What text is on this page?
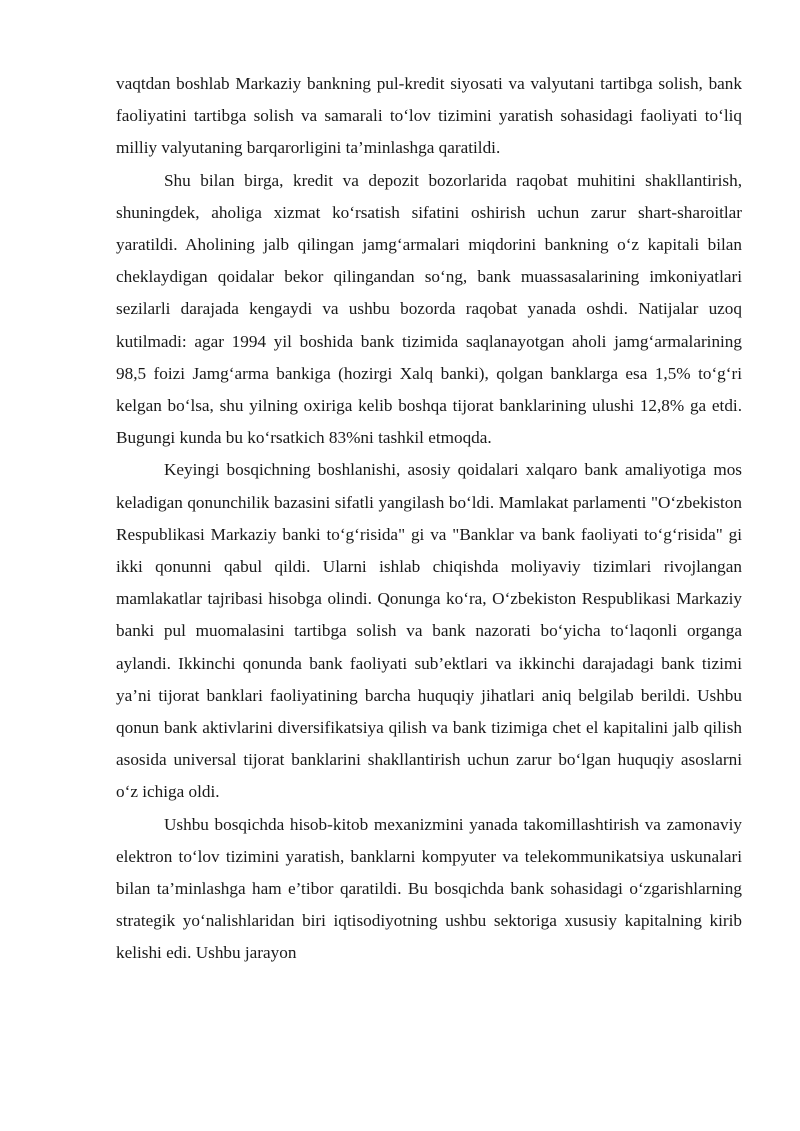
vaqtdan boshlab Markaziy bankning pul-kredit siyosati va valyutani tartibga solish, bank faoliyatini tartibga solish va samarali to‘lov tizimini yaratish sohasidagi faoliyati to‘liq milliy valyutaning barqarorligini ta’minlashga qaratildi.

Shu bilan birga, kredit va depozit bozorlarida raqobat muhitini shakllantirish, shuningdek, aholiga xizmat ko‘rsatish sifatini oshirish uchun zarur shart-sharoitlar yaratildi. Aholining jalb qilingan jamg‘armalari miqdorini bankning o‘z kapitali bilan cheklaydigan qoidalar bekor qilingandan so‘ng, bank muassasalarining imkoniyatlari sezilarli darajada kengaydi va ushbu bozorda raqobat yanada oshdi. Natijalar uzoq kutilmadi: agar 1994 yil boshida bank tizimida saqlanayotgan aholi jamg‘armalarining 98,5 foizi Jamg‘arma bankiga (hozirgi Xalq banki), qolgan banklarga esa 1,5% to‘g‘ri kelgan bo‘lsa, shu yilning oxiriga kelib boshqa tijorat banklarining ulushi 12,8% ga etdi. Bugungi kunda bu ko‘rsatkich 83%ni tashkil etmoqda.

Keyingi bosqichning boshlanishi, asosiy qoidalari xalqaro bank amaliyotiga mos keladigan qonunchilik bazasini sifatli yangilash bo‘ldi. Mamlakat parlamenti "O‘zbekiston Respublikasi Markaziy banki to‘g‘risida" gi va "Banklar va bank faoliyati to‘g‘risida" gi ikki qonunni qabul qildi. Ularni ishlab chiqishda moliyaviy tizimlari rivojlangan mamlakatlar tajribasi hisobga olindi. Qonunga ko‘ra, O‘zbekiston Respublikasi Markaziy banki pul muomalasini tartibga solish va bank nazorati bo‘yicha to‘laqonli organga aylandi. Ikkinchi qonunda bank faoliyati sub’ektlari va ikkinchi darajadagi bank tizimi ya’ni tijorat banklari faoliyatining barcha huquqiy jihatlari aniq belgilab berildi. Ushbu qonun bank aktivlarini diversifikatsiya qilish va bank tizimiga chet el kapitalini jalb qilish asosida universal tijorat banklarini shakllantirish uchun zarur bo‘lgan huquqiy asoslarni o‘z ichiga oldi.

Ushbu bosqichda hisob-kitob mexanizmini yanada takomillashtirish va zamonaviy elektron to‘lov tizimini yaratish, banklarni kompyuter va telekommunikatsiya uskunalari bilan ta’minlashga ham e’tibor qaratildi. Bu bosqichda bank sohasidagi o‘zgarishlarning strategik yo‘nalishlaridan biri iqtisodiyotning ushbu sektoriga xususiy kapitalning kirib kelishi edi. Ushbu jarayon
